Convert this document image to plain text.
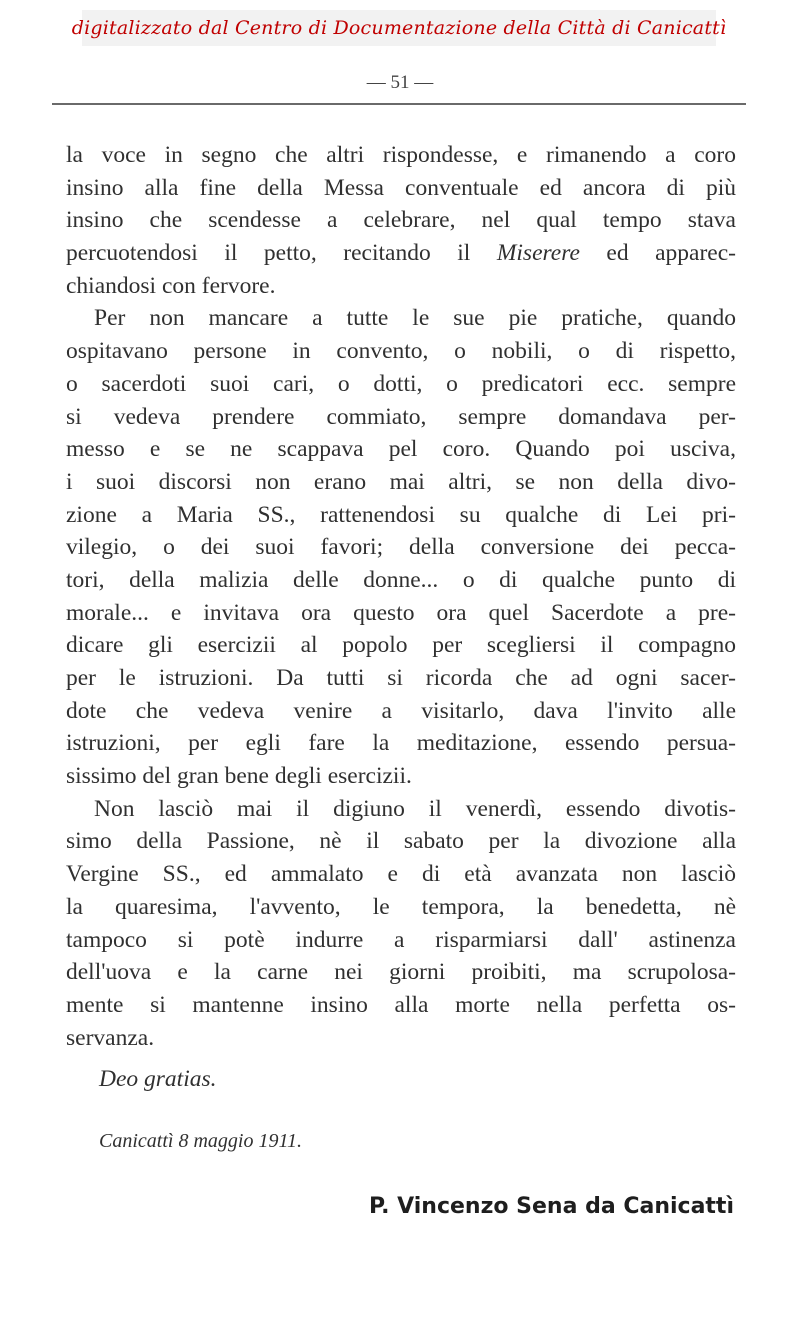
digitalizzato dal Centro di Documentazione della Città di Canicattì
— 51 —
la voce in segno che altri rispondesse, e rimanendo a coro
insino alla fine della Messa conventuale ed ancora di più
insino che scendesse a celebrare, nel qual tempo stava
percuotendosi il petto, recitando il Miserere ed apparec-
chiandosi con fervore.
Per non mancare a tutte le sue pie pratiche, quando
ospitavano persone in convento, o nobili, o di rispetto,
o sacerdoti suoi cari, o dotti, o predicatori ecc. sempre
si vedeva prendere commiato, sempre domandava per-
messo e se ne scappava pel coro. Quando poi usciva,
i suoi discorsi non erano mai altri, se non della divo-
zione a Maria SS., rattenendosi su qualche di Lei pri-
vilegio, o dei suoi favori; della conversione dei pecca-
tori, della malizia delle donne... o di qualche punto di
morale... e invitava ora questo ora quel Sacerdote a pre-
dicare gli esercizii al popolo per scegliersi il compagno
per le istruzioni. Da tutti si ricorda che ad ogni sacer-
dote che vedeva venire a visitarlo, dava l'invito alle
istruzioni, per egli fare la meditazione, essendo persua-
sissimo del gran bene degli esercizii.
Non lasciò mai il digiuno il venerdì, essendo divotis-
simo della Passione, nè il sabato per la divozione alla
Vergine SS., ed ammalato e di età avanzata non lasciò
la quaresima, l'avvento, le tempora, la benedetta, nè
tampoco si potè indurre a risparmiarsi dall' astinenza
dell'uova e la carne nei giorni proibiti, ma scrupolosa-
mente si mantenne insino alla morte nella perfetta os-
servanza.
Deo gratias.
Canicattì 8 maggio 1911.
P. Vincenzo Sena da Canicattì
